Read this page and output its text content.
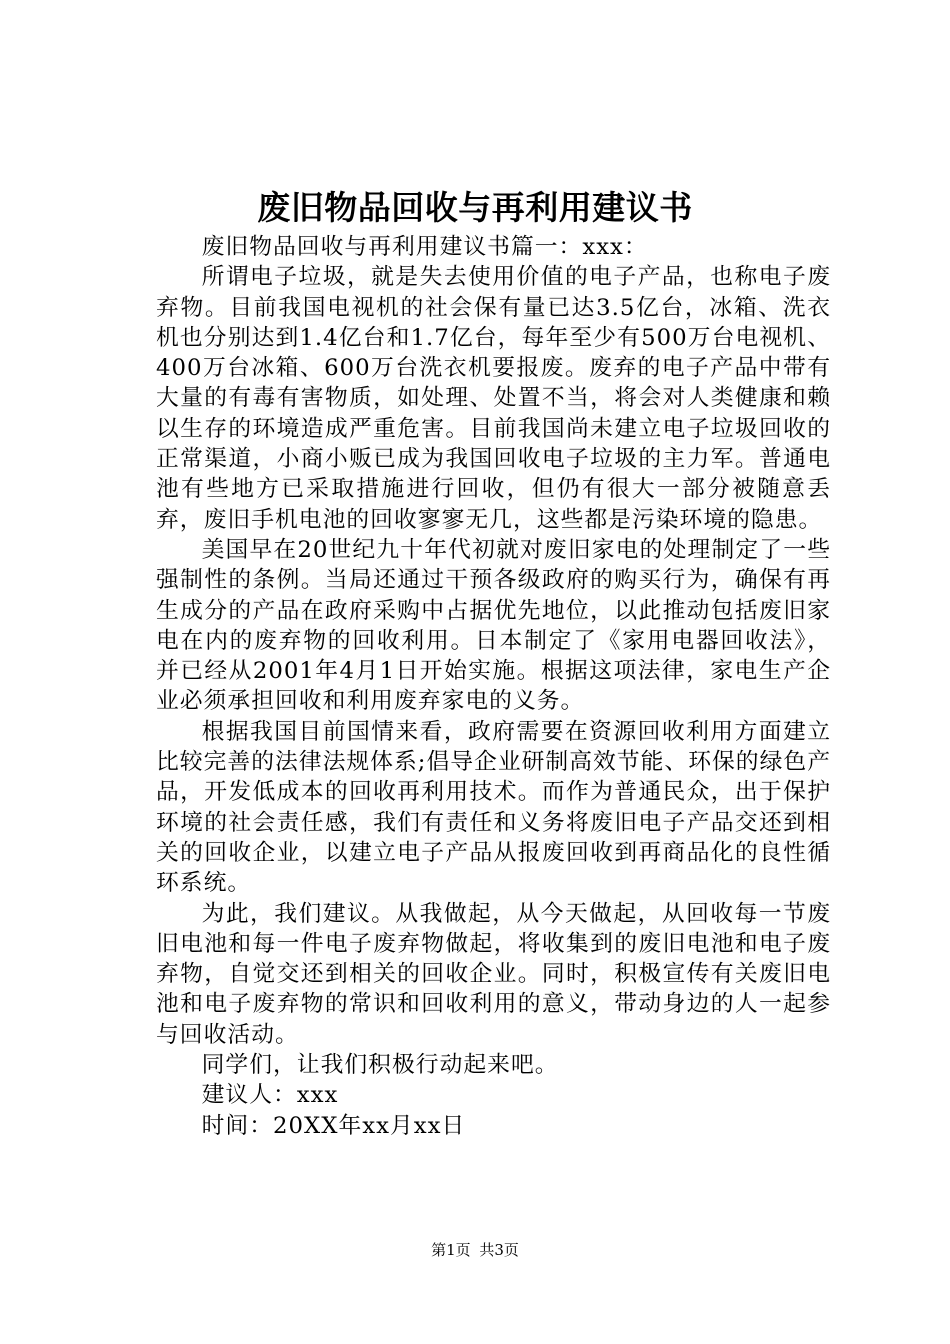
废旧物品回收与再利用建议书

废旧物品回收与再利用建议书篇一：xxx：

所谓电子垃圾，就是失去使用价值的电子产品，也称电子废弃物。目前我国电视机的社会保有量已达3.5亿台，冰箱、洗衣机也分别达到1.4亿台和1.7亿台，每年至少有500万台电视机、400万台冰箱、600万台洗衣机要报废。废弃的电子产品中带有大量的有毒有害物质，如处理、处置不当，将会对人类健康和赖以生存的环境造成严重危害。目前我国尚未建立电子垃圾回收的正常渠道，小商小贩已成为我国回收电子垃圾的主力军。普通电池有些地方已采取措施进行回收，但仍有很大一部分被随意丢弃，废旧手机电池的回收寥寥无几，这些都是污染环境的隐患。

美国早在20世纪九十年代初就对废旧家电的处理制定了一些强制性的条例。当局还通过干预各级政府的购买行为，确保有再生成分的产品在政府采购中占据优先地位，以此推动包括废旧家电在内的废弃物的回收利用。日本制定了《家用电器回收法》，并已经从2001年4月1日开始实施。根据这项法律，家电生产企业必须承担回收和利用废弃家电的义务。

根据我国目前国情来看，政府需要在资源回收利用方面建立比较完善的法律法规体系;倡导企业研制高效节能、环保的绿色产品，开发低成本的回收再利用技术。而作为普通民众，出于保护环境的社会责任感，我们有责任和义务将废旧电子产品交还到相关的回收企业，以建立电子产品从报废回收到再商品化的良性循环系统。

为此，我们建议。从我做起，从今天做起，从回收每一节废旧电池和每一件电子废弃物做起，将收集到的废旧电池和电子废弃物，自觉交还到相关的回收企业。同时，积极宣传有关废旧电池和电子废弃物的常识和回收利用的意义，带动身边的人一起参与回收活动。

同学们，让我们积极行动起来吧。

建议人：xxx

时间：20XX年xx月xx日

第1页 共3页
